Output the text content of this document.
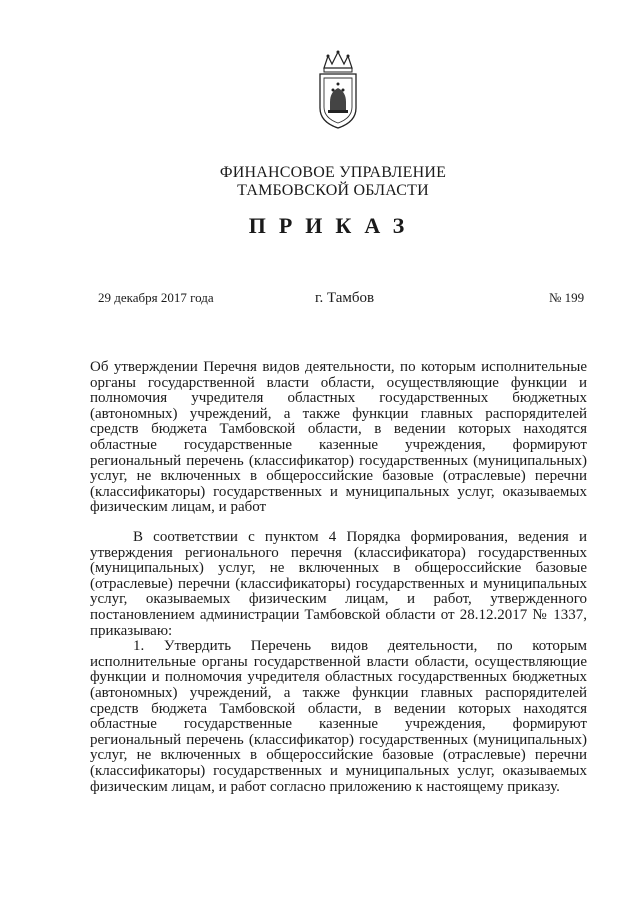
ФИНАНСОВОЕ УПРАВЛЕНИЕ
ТАМБОВСКОЙ ОБЛАСТИ
ПРИКАЗ
29 декабря 2017 года	г. Тамбов	№ 199
Об утверждении Перечня видов деятельности, по которым исполнительные органы государственной власти области, осуществляющие функции и полномочия учредителя областных государственных бюджетных (автономных) учреждений, а также функции главных распорядителей средств бюджета Тамбовской области, в ведении которых находятся областные государственные казенные учреждения, формируют региональный перечень (классификатор) государственных (муниципальных) услуг, не включенных в общероссийские базовые (отраслевые) перечни (классификаторы) государственных и муниципальных услуг, оказываемых физическим лицам, и работ

В соответствии с пунктом 4 Порядка формирования, ведения и утверждения регионального перечня (классификатора) государственных (муниципальных) услуг, не включенных в общероссийские базовые (отраслевые) перечни (классификаторы) государственных и муниципальных услуг, оказываемых физическим лицам, и работ, утвержденного постановлением администрации Тамбовской области от 28.12.2017 № 1337, приказываю:

1. Утвердить Перечень видов деятельности, по которым исполнительные органы государственной власти области, осуществляющие функции и полномочия учредителя областных государственных бюджетных (автономных) учреждений, а также функции главных распорядителей средств бюджета Тамбовской области, в ведении которых находятся областные государственные казенные учреждения, формируют региональный перечень (классификатор) государственных (муниципальных) услуг, не включенных в общероссийские базовые (отраслевые) перечни (классификаторы) государственных и муниципальных услуг, оказываемых физическим лицам, и работ согласно приложению к настоящему приказу.
